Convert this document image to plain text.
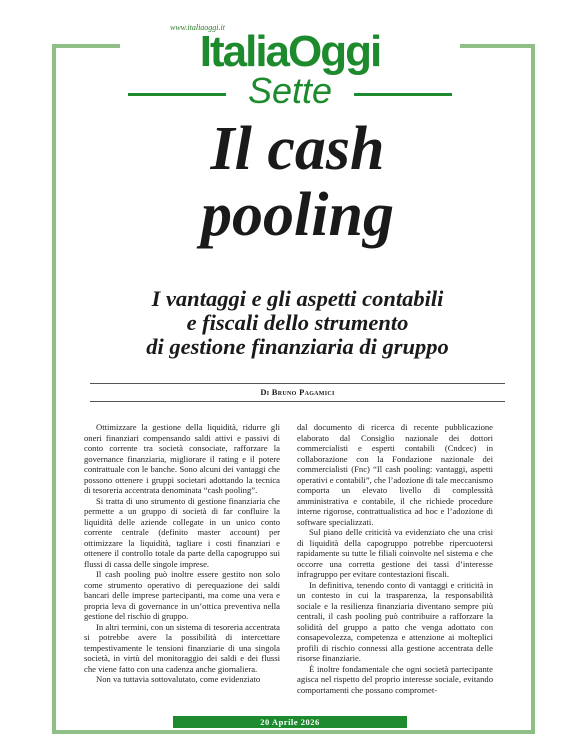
ItaliaOggi
Sette
www.italiaoggi.it
Il cash
pooling
I vantaggi e gli aspetti contabili
e fiscali dello strumento
di gestione finanziaria di gruppo
Di Bruno Pagamici

Ottimizzare la gestione della liquidità, ridurre gli oneri finanziari compensando saldi attivi e passivi di conto corrente tra società consociate, rafforzare la governance finanziaria, migliorare il rating e il potere contrattuale con le banche. Sono alcuni dei vantaggi che possono ottenere i gruppi societari adottando la tecnica di tesoreria accentrata denominata “cash pooling”.

Si tratta di uno strumento di gestione finanziaria che permette a un gruppo di società di far confluire la liquidità delle aziende collegate in un unico conto corrente centrale (definito master account) per ottimizzare la liquidità, tagliare i costi finanziari e ottenere il controllo totale da parte della capogruppo sui flussi di cassa delle singole imprese.

Il cash pooling può inoltre essere gestito non solo come strumento operativo di perequazione dei saldi bancari delle imprese partecipanti, ma come una vera e propria leva di governance in un’ottica preventiva nella gestione del rischio di gruppo.

In altri termini, con un sistema di tesoreria accentrata si potrebbe avere la possibilità di intercettare tempestivamente le tensioni finanziarie di una singola società, in virtù del monitoraggio dei saldi e dei flussi che viene fatto con una cadenza anche giornaliera.

Non va tuttavia sottovalutato, come evidenziato

dal documento di ricerca di recente pubblicazione elaborato dal Consiglio nazionale dei dottori commercialisti e esperti contabili (Cndcec) in collaborazione con la Fondazione nazionale dei commercialisti (Fnc) “Il cash pooling: vantaggi, aspetti operativi e contabili”, che l’adozione di tale meccanismo comporta un elevato livello di complessità amministrativa e contabile, il che richiede procedure interne rigorose, contrattualistica ad hoc e l’adozione di software specializzati.

Sul piano delle criticità va evidenziato che una crisi di liquidità della capogruppo potrebbe ripercuotersi rapidamente su tutte le filiali coinvolte nel sistema e che occorre una corretta gestione dei tassi d’interesse infragruppo per evitare contestazioni fiscali.

In definitiva, tenendo conto di vantaggi e criticità in un contesto in cui la trasparenza, la responsabilità sociale e la resilienza finanziaria diventano sempre più centrali, il cash pooling può contribuire a rafforzare la solidità del gruppo a patto che venga adottato con consapevolezza, competenza e attenzione ai molteplici profili di rischio connessi alla gestione accentrata delle risorse finanziarie.

È inoltre fondamentale che ogni società partecipante agisca nel rispetto del proprio interesse sociale, evitando comportamenti che possano compromet-

20 Aprile 2026
